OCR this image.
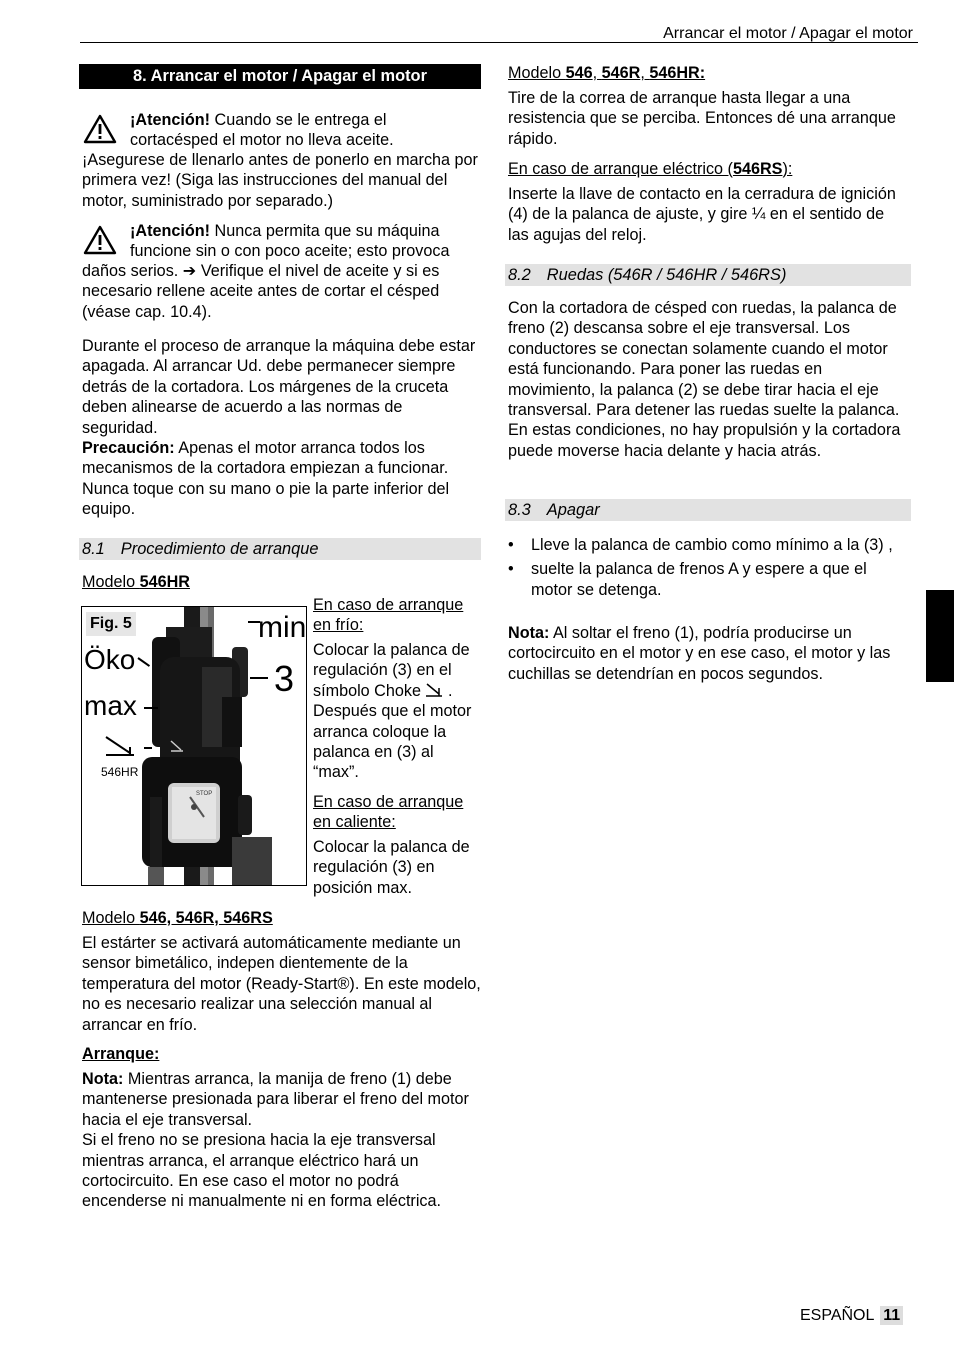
Arrancar el motor / Apagar el motor
8. Arrancar el motor / Apagar el motor

¡Atención! Cuando se le entrega el

cortacésped el motor no lleva aceite.

¡Asegurese de llenarlo antes de ponerlo en marcha por primera vez! (Siga las instrucciones del manual del motor, suministrado por separado.)

¡Atención! Nunca permita que su máquina

funcione sin o con poco aceite; esto provoca

daños serios. ➔ Verifique el nivel de aceite y si es necesario rellene aceite antes de cortar el césped (véase cap. 10.4).

Durante el proceso de arranque la máquina debe estar apagada. Al arrancar Ud. debe permanecer siempre detrás de la cortadora. Los márgenes de la cruceta deben alinearse de acuerdo a las normas de seguridad.

Precaución: Apenas el motor arranca todos los mecanismos de la cortadora empiezan a funcionar. Nunca toque con su mano o pie la parte inferior del equipo.

8.1 Procedimiento de arranque

Modelo 546HR

Fig. 5	min
Öko	3
max
546HR
STOP

En caso de arranque

en frío:

Colocar la palanca de regulación (3) en el símbolo Choke . Después que el motor arranca coloque la palanca en (3) al “max”.

En caso de arranque

en caliente:

Colocar la palanca de regulación (3) en posición max.

Modelo 546, 546R, 546RS

El estárter se activará automáticamente mediante un sensor bimetálico, indepen dientemente de la temperatura del motor (Ready-Start®). En este modelo, no es necesario realizar una selección manual al arrancar en frío.

Arranque:

Nota: Mientras arranca, la manija de freno (1) debe mantenerse presionada para liberar el freno del motor hacia el eje transversal.

Si el freno no se presiona hacia la eje transversal mientras arranca, el arranque eléctrico hará un cortocircuito. En ese caso el motor no podrá encenderse ni manualmente ni en forma eléctrica.

Modelo 546, 546R, 546HR:

Tire de la correa de arranque hasta llegar a una resistencia que se perciba. Entonces dé una arranque rápido.

En caso de arranque eléctrico (546RS):

Inserte la llave de contacto en la cerradura de ignición (4) de la palanca de ajuste, y gire ¼ en el sentido de las agujas del reloj.

8.2 Ruedas (546R / 546HR / 546RS)

Con la cortadora de césped con ruedas, la palanca de freno (2) descansa sobre el eje transversal. Los conductores se conectan solamente cuando el motor está funcionando. Para poner las ruedas en movimiento, la palanca (2) se debe tirar hacia el eje transversal. Para detener las ruedas suelte la palanca. En estas condiciones, no hay propulsión y la cortadora puede moverse hacia delante y hacia atrás.

8.3 Apagar
• Lleve la palanca de cambio como mínimo a la (3) ,
• suelte la palanca de frenos A y espere a que el motor se detenga.

Nota: Al soltar el freno (1), podría producirse un cortocircuito en el motor y en ese caso, el motor y las cuchillas se detendrían en pocos segundos.

ESPAÑOL 11
